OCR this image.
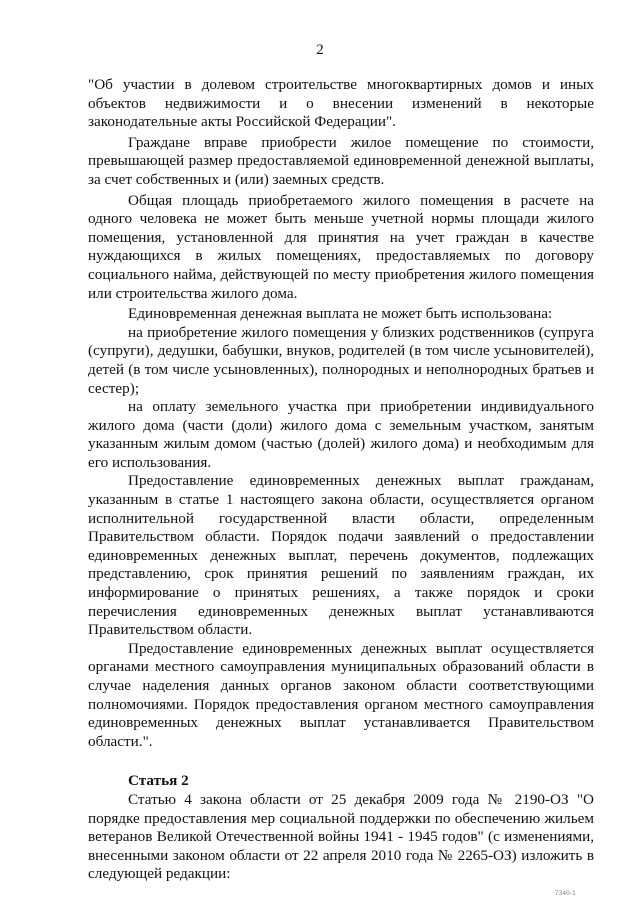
2

"Об участии в долевом строительстве многоквартирных домов и иных объектов недвижимости и о внесении изменений в некоторые законодательные акты Российской Федерации".

Граждане вправе приобрести жилое помещение по стоимости, превышающей размер предоставляемой единовременной денежной выплаты, за счет собственных и (или) заемных средств.

Общая площадь приобретаемого жилого помещения в расчете на одного человека не может быть меньше учетной нормы площади жилого помещения, установленной для принятия на учет граждан в качестве нуждающихся в жилых помещениях, предоставляемых по договору социального найма, действующей по месту приобретения жилого помещения или строительства жилого дома.

Единовременная денежная выплата не может быть использована:

на приобретение жилого помещения у близких родственников (супруга (супруги), дедушки, бабушки, внуков, родителей (в том числе усыновителей), детей (в том числе усыновленных), полнородных и неполнородных братьев и сестер);

на оплату земельного участка при приобретении индивидуального жилого дома (части (доли) жилого дома с земельным участком, занятым указанным жилым домом (частью (долей) жилого дома) и необходимым для его использования.

Предоставление единовременных денежных выплат гражданам, указанным в статье 1 настоящего закона области, осуществляется органом исполнительной государственной власти области, определенным Правительством области. Порядок подачи заявлений о предоставлении единовременных денежных выплат, перечень документов, подлежащих представлению, срок принятия решений по заявлениям граждан, их информирование о принятых решениях, а также порядок и сроки перечисления единовременных денежных выплат устанавливаются Правительством области.

Предоставление единовременных денежных выплат осуществляется органами местного самоуправления муниципальных образований области в случае наделения данных органов законом области соответствующими полномочиями. Порядок предоставления органом местного самоуправления единовременных денежных выплат устанавливается Правительством области.".

Статья 2

Статью 4 закона области от 25 декабря 2009 года № 2190-ОЗ "О порядке предоставления мер социальной поддержки по обеспечению жильем ветеранов Великой Отечественной войны 1941 - 1945 годов" (с изменениями, внесенными законом области от 22 апреля 2010 года № 2265-ОЗ) изложить в следующей редакции:

7340-1
